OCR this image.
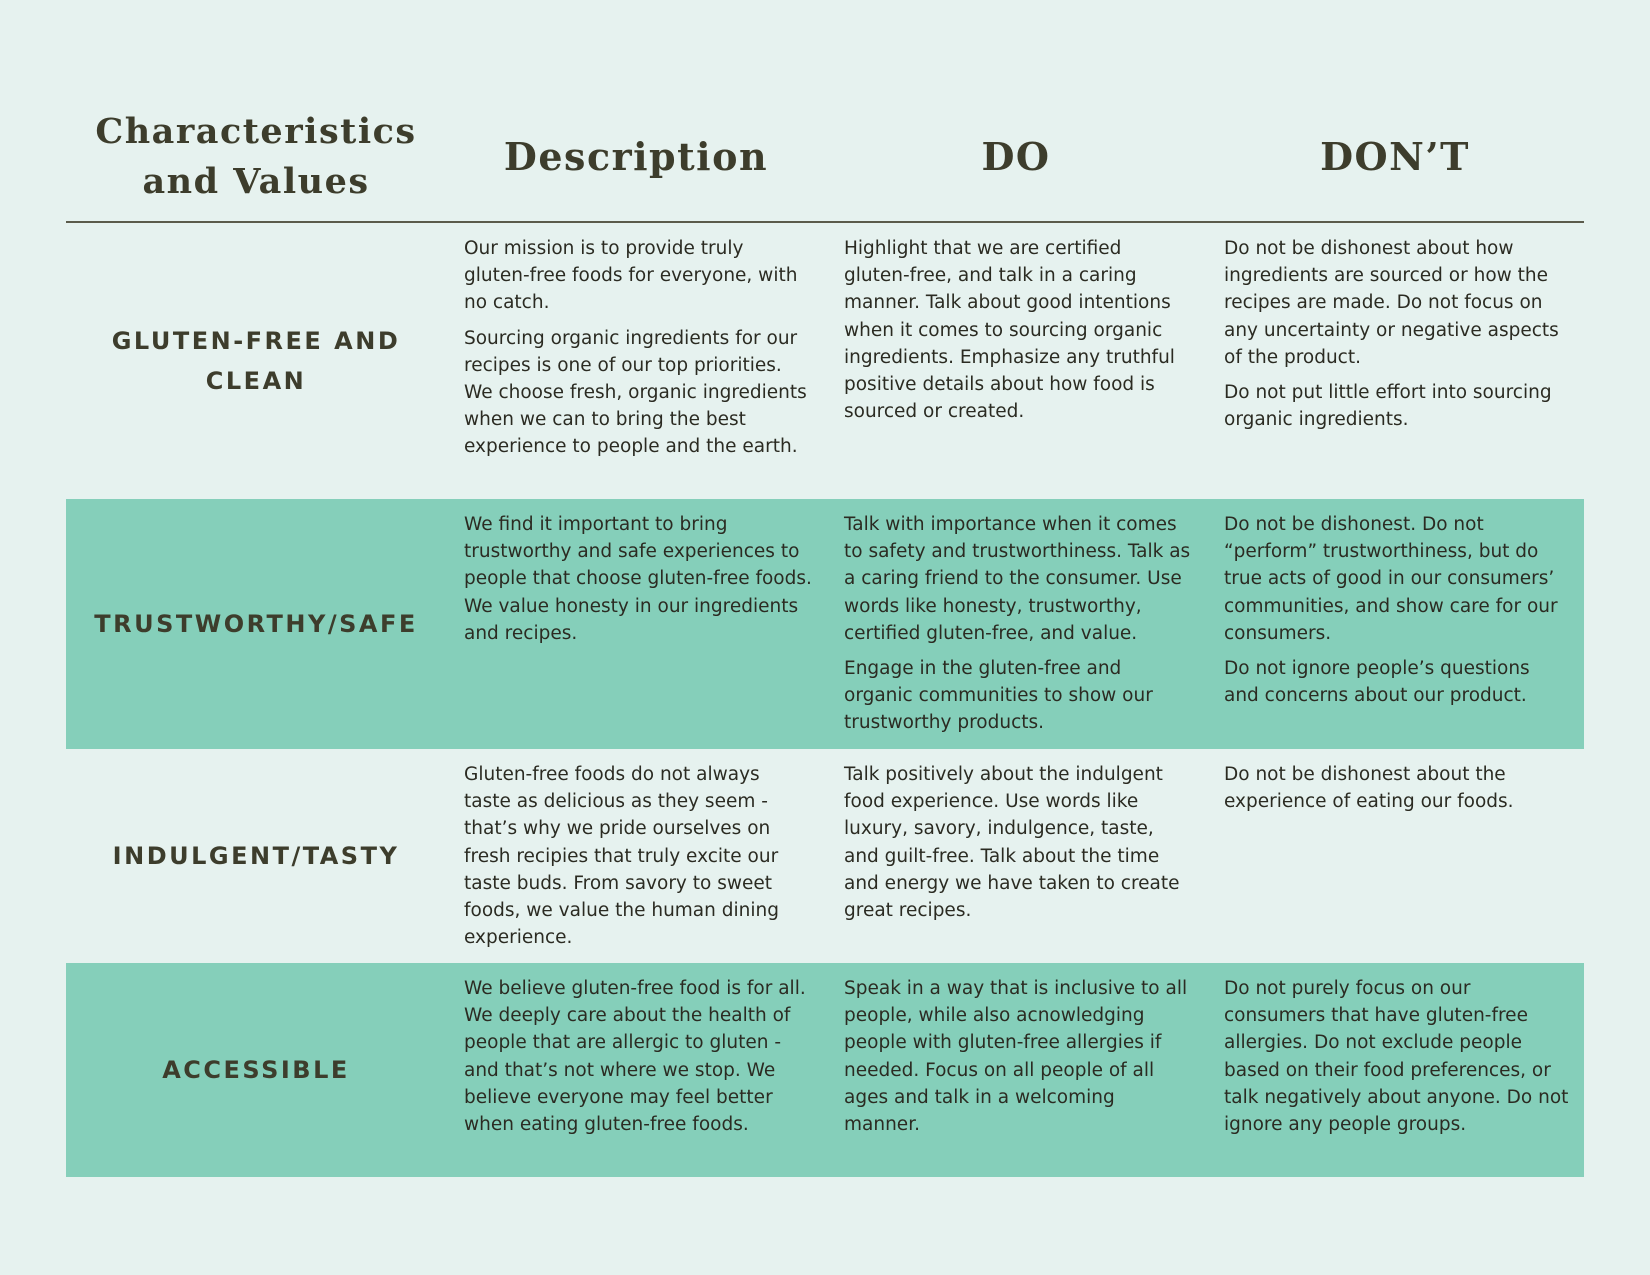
Characteristics and Values
Description	DO	DON’T
GLUTEN-FREE AND CLEAN

Our mission is to provide truly gluten-free foods for everyone, with no catch.

Sourcing organic ingredients for our recipes is one of our top priorities. We choose fresh, organic ingredients when we can to bring the best experience to people and the earth.

Highlight that we are certified gluten-free, and talk in a caring manner. Talk about good intentions when it comes to sourcing organic ingredients. Emphasize any truthful positive details about how food is sourced or created.

Do not be dishonest about how ingredients are sourced or how the recipes are made. Do not focus on any uncertainty or negative aspects of the product.

Do not put little effort into sourcing organic ingredients.

TRUSTWORTHY/SAFE

We find it important to bring trustworthy and safe experiences to people that choose gluten-free foods. We value honesty in our ingredients and recipes.

Talk with importance when it comes to safety and trustworthiness. Talk as a caring friend to the consumer. Use words like honesty, trustworthy, certified gluten-free, and value.

Engage in the gluten-free and organic communities to show our trustworthy products.

Do not be dishonest. Do not “perform” trustworthiness, but do true acts of good in our consumers’ communities, and show care for our consumers.

Do not ignore people’s questions and concerns about our product.

INDULGENT/TASTY

Gluten-free foods do not always taste as delicious as they seem - that’s why we pride ourselves on fresh recipies that truly excite our taste buds. From savory to sweet foods, we value the human dining experience.

Talk positively about the indulgent food experience. Use words like luxury, savory, indulgence, taste, and guilt-free. Talk about the time and energy we have taken to create great recipes.

Do not be dishonest about the experience of eating our foods.

ACCESSIBLE

We believe gluten-free food is for all. We deeply care about the health of people that are allergic to gluten - and that’s not where we stop. We believe everyone may feel better when eating gluten-free foods.

Speak in a way that is inclusive to all people, while also acnowledging people with gluten-free allergies if needed. Focus on all people of all ages and talk in a welcoming manner.

Do not purely focus on our consumers that have gluten-free allergies. Do not exclude people based on their food preferences, or talk negatively about anyone. Do not ignore any people groups.
